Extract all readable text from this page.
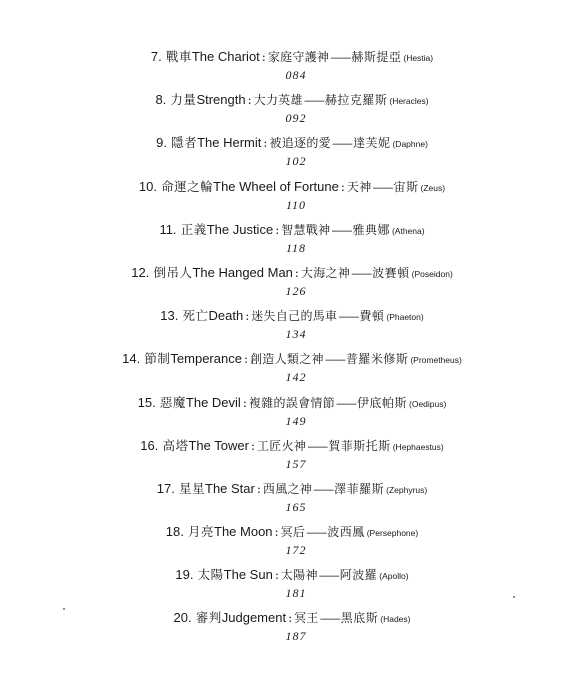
7. 戰車The Chariot : 家庭守護神——赫斯提亞 (Hestia)
084
8. 力量Strength : 大力英雄——赫拉克羅斯 (Heracles)
092
9. 隱者The Hermit : 被追逐的愛——達芙妮 (Daphne)
102
10. 命運之輪The Wheel of Fortune : 天神——宙斯 (Zeus)
110
11. 正義The Justice : 智慧戰神——雅典娜 (Athena)
118
12. 倒吊人The Hanged Man : 大海之神——波賽頓 (Poseidon)
126
13. 死亡Death : 迷失自己的馬車——費頓 (Phaeton)
134
14. 節制Temperance : 創造人類之神——普羅米修斯 (Prometheus)
142
15. 惡魔The Devil : 複雜的誤會情節——伊底帕斯 (Oedipus)
149
16. 高塔The Tower : 工匠火神——賀菲斯托斯 (Hephaestus)
157
17. 星星The Star : 西風之神——澤菲羅斯 (Zephyrus)
165
18. 月亮The Moon : 冥后——波西鳳 (Persephone)
172
19. 太陽The Sun : 太陽神——阿波羅 (Apollo)
181
20. 審判Judgement : 冥王——黑底斯 (Hades)
187
